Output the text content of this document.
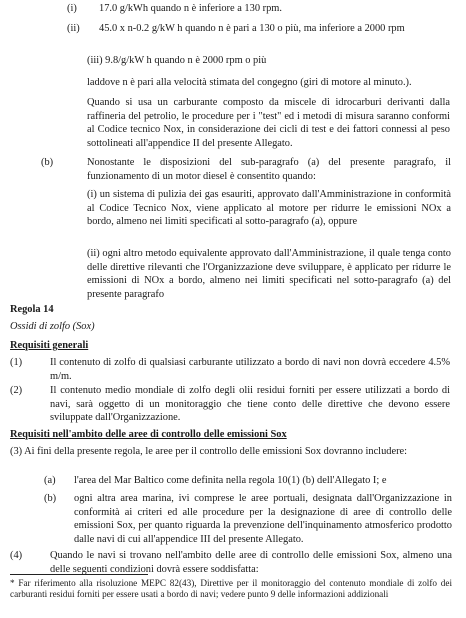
(i) 17.0 g/kWh quando n è inferiore a 130 rpm.
(ii) 45.0 x n-0.2 g/kW h quando n è pari a 130 o più, ma inferiore a 2000 rpm
(iii) 9.8/g/kW h quando n è 2000 rpm o più
laddove n è pari alla velocità stimata del congegno (giri di motore al minuto.).
Quando si usa un carburante composto da miscele di idrocarburi derivanti dalla raffineria del petrolio, le procedure per i "test" ed i metodi di misura saranno conformi al Codice tecnico Nox, in considerazione dei cicli di test e dei fattori connessi al peso sottolineati all'appendice II del presente Allegato.
(b)	Nonostante le disposizioni del sub-paragrafo (a) del presente paragrafo, il funzionamento di un motor diesel è consentito quando:
(i) un sistema di pulizia dei gas esauriti, approvato dall'Amministrazione in conformità al Codice Tecnico Nox, viene applicato al motore per ridurre le emissioni NOx a bordo, almeno nei limiti specificati al sotto-paragrafo (a), oppure
(ii) ogni altro metodo equivalente approvato dall'Amministrazione, il quale tenga conto delle direttive rilevanti che l'Organizzazione deve sviluppare, è applicato per ridurre le emissioni di NOx a bordo, almeno nei limiti specificati nel sotto-paragrafo (a) del presente paragrafo
Regola 14
Ossidi di zolfo (Sox)
Requisiti generali
(1)	Il contenuto di zolfo di qualsiasi carburante utilizzato a bordo di navi non dovrà eccedere 4.5% m/m.
(2)	Il contenuto medio mondiale di zolfo degli olii residui forniti per essere utilizzati a bordo di navi, sarà oggetto di un monitoraggio che tiene conto delle direttive che devono essere sviluppate dall'Organizzazione.
Requisiti nell'ambito delle aree di controllo delle emissioni Sox
(3) Ai fini della presente regola, le aree per il controllo delle emissioni Sox dovranno includere:
(a) l'area del Mar Baltico come definita nella regola 10(1) (b) dell'Allegato I; e
(b) ogni altra area marina, ivi comprese le aree portuali, designata dall'Organizzazione in conformità ai criteri ed alle procedure per la designazione di aree di controllo delle emissioni Sox, per quanto riguarda la prevenzione dell'inquinamento atmosferico prodotto dalle navi di cui all'appendice III del presente Allegato.
(4)	Quando le navi si trovano nell'ambito delle aree di controllo delle emissioni Sox, almeno una delle seguenti condizioni dovrà essere soddisfatta:
* Far riferimento alla risoluzione MEPC 82(43), Direttive per il monitoraggio del contenuto mondiale di zolfo dei carburanti residui forniti per essere usati a bordo di navi; vedere punto 9 delle informazioni addizionali
